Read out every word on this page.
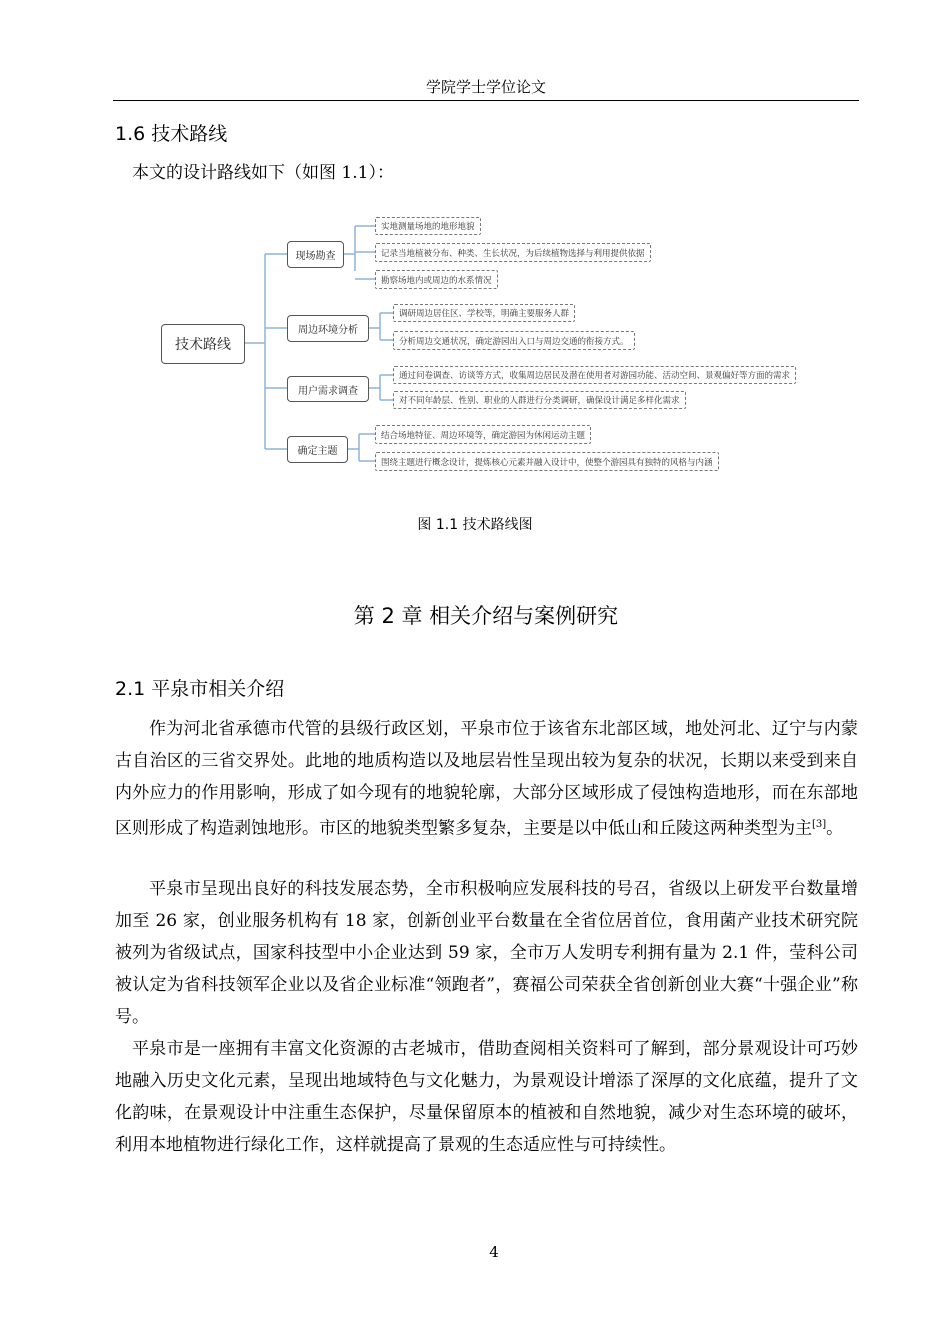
学院学士学位论文
1.6 技术路线
本文的设计路线如下（如图 1.1）：
技术路线
现场勘查
周边环境分析
用户需求调查
确定主题
实地测量场地的地形地貌
记录当地植被分布、种类、生长状况，为后续植物选择与利用提供依据
勘察场地内或周边的水系情况
调研周边居住区、学校等，明确主要服务人群
分析周边交通状况，确定游园出入口与周边交通的衔接方式。
通过问卷调查、访谈等方式，收集周边居民及潜在使用者对游园功能、活动空间、景观偏好等方面的需求
对不同年龄层、性别、职业的人群进行分类调研，确保设计满足多样化需求
结合场地特征、周边环境等，确定游园为休闲运动主题
围绕主题进行概念设计，提炼核心元素并融入设计中，使整个游园具有独特的风格与内涵
图 1.1 技术路线图
第 2 章 相关介绍与案例研究
2.1 平泉市相关介绍
作为河北省承德市代管的县级行政区划，平泉市位于该省东北部区域，地处河北、辽宁与内蒙古自治区的三省交界处。此地的地质构造以及地层岩性呈现出较为复杂的状况，长期以来受到来自内外应力的作用影响，形成了如今现有的地貌轮廓，大部分区域形成了侵蚀构造地形，而在东部地区则形成了构造剥蚀地形。市区的地貌类型繁多复杂，主要是以中低山和丘陵这两种类型为主[3]。
平泉市呈现出良好的科技发展态势，全市积极响应发展科技的号召，省级以上研发平台数量增加至 26 家，创业服务机构有 18 家，创新创业平台数量在全省位居首位，食用菌产业技术研究院被列为省级试点，国家科技型中小企业达到 59 家，全市万人发明专利拥有量为 2.1 件，莹科公司被认定为省科技领军企业以及省企业标准“领跑者”，赛福公司荣获全省创新创业大赛“十强企业”称号。
平泉市是一座拥有丰富文化资源的古老城市，借助查阅相关资料可了解到，部分景观设计可巧妙地融入历史文化元素，呈现出地域特色与文化魅力，为景观设计增添了深厚的文化底蕴，提升了文化韵味，在景观设计中注重生态保护，尽量保留原本的植被和自然地貌，减少对生态环境的破坏，利用本地植物进行绿化工作，这样就提高了景观的生态适应性与可持续性。
4
